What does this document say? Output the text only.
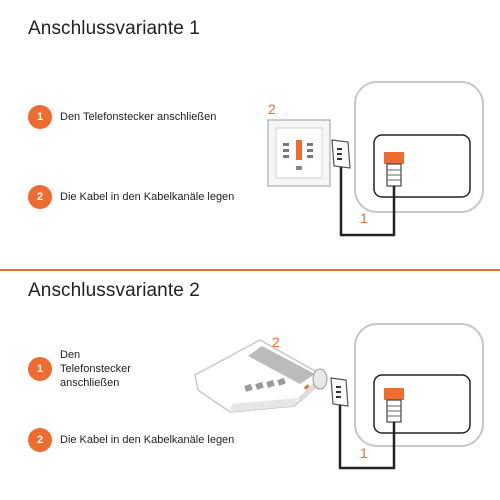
Anschlussvariante 1
1	Den Telefonstecker anschließen
2	Die Kabel in den Kabelkanäle legen
2
1
Anschlussvariante 2
1
Den Telefonstecker anschließen
2	Die Kabel in den Kabelkanäle legen
2
1
